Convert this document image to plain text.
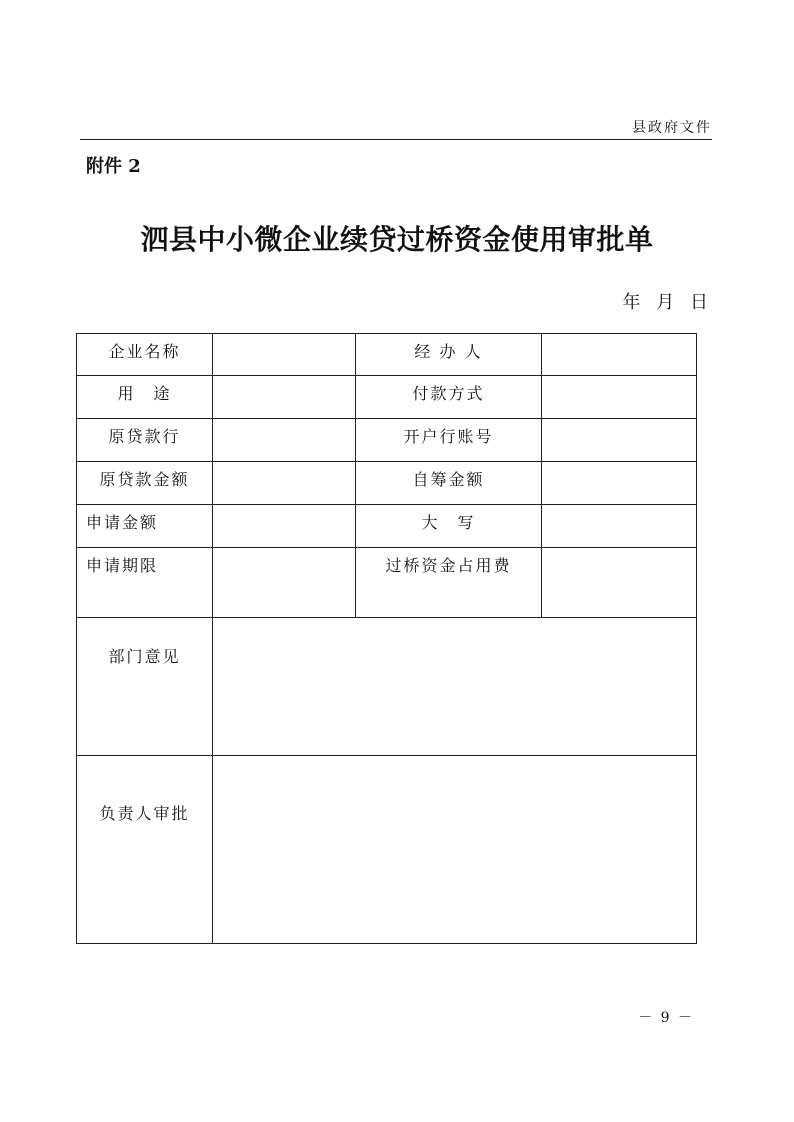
县政府文件
附件 2
泗县中小微企业续贷过桥资金使用审批单
年 月 日
企业名称		经 办 人	
用　途		付款方式	
原贷款行		开户行账号	
原贷款金额		自筹金额	
申请金额		大　写	
申请期限		过桥资金占用费	

部门意见			

负责人审批			

－ 9 －
